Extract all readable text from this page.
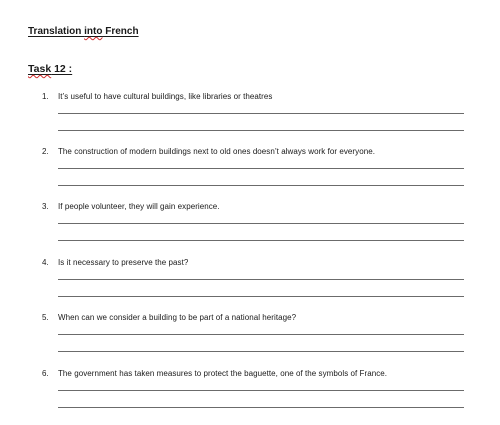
Translation into French
Task 12 :
1. It’s useful to have cultural buildings, like libraries or theatres
2. The construction of modern buildings next to old ones doesn’t always work for everyone.
3. If people volunteer, they will gain experience.
4. Is it necessary to preserve the past?
5. When can we consider a building to be part of a national heritage?
6. The government has taken measures to protect the baguette, one of the symbols of France.
